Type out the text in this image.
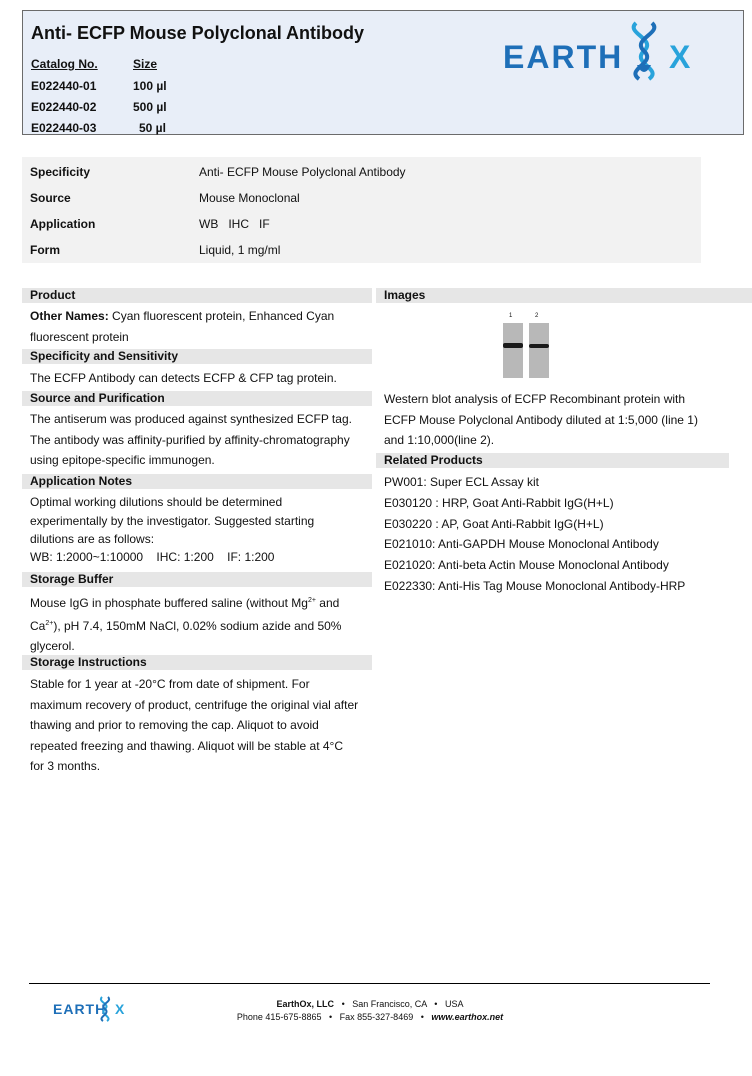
Anti- ECFP Mouse Polyclonal Antibody
Catalog No.	Size
E022440-01	100 µl
E022440-02	500 µl
E022440-03	50 µl
EARTH X
Specificity	Anti- ECFP Mouse Polyclonal Antibody
Source	Mouse Monoclonal
Application	WB   IHC   IF
Form	Liquid, 1 mg/ml
Product
Other Names: Cyan fluorescent protein, Enhanced Cyan
fluorescent protein
Specificity and Sensitivity
The ECFP Antibody can detects ECFP & CFP tag protein.
Source and Purification
The antiserum was produced against synthesized ECFP tag.
The antibody was affinity-purified by affinity-chromatography
using epitope-specific immunogen.
Application Notes
Optimal working dilutions should be determined
experimentally by the investigator. Suggested starting
dilutions are as follows:
WB: 1:2000~1:10000    IHC: 1:200    IF: 1:200
Storage Buffer
Mouse IgG in phosphate buffered saline (without $Mg^{2+}$ and
$Ca^{2+}$), pH 7.4, 150mM NaCl, 0.02% sodium azide and 50%
glycerol.
Storage Instructions
Stable for 1 year at -20°C from date of shipment. For
maximum recovery of product, centrifuge the original vial after
thawing and prior to removing the cap. Aliquot to avoid
repeated freezing and thawing. Aliquot will be stable at 4°C
for 3 months.
Images
1	2
Western blot analysis of ECFP Recombinant protein with
ECFP Mouse Polyclonal Antibody diluted at 1:5,000 (line 1)
and 1:10,000(line 2).
Related Products
PW001: Super ECL Assay kit
E030120 : HRP, Goat Anti-Rabbit IgG(H+L)
E030220 : AP, Goat Anti-Rabbit IgG(H+L)
E021010: Anti-GAPDH Mouse Monoclonal Antibody
E021020: Anti-beta Actin Mouse Monoclonal Antibody
E022330: Anti-His Tag Mouse Monoclonal Antibody-HRP
EARTH X	EarthOx, LLC • San Francisco, CA • USA
Phone 415-675-8865 • Fax 855-327-8469 • www.earthox.net
